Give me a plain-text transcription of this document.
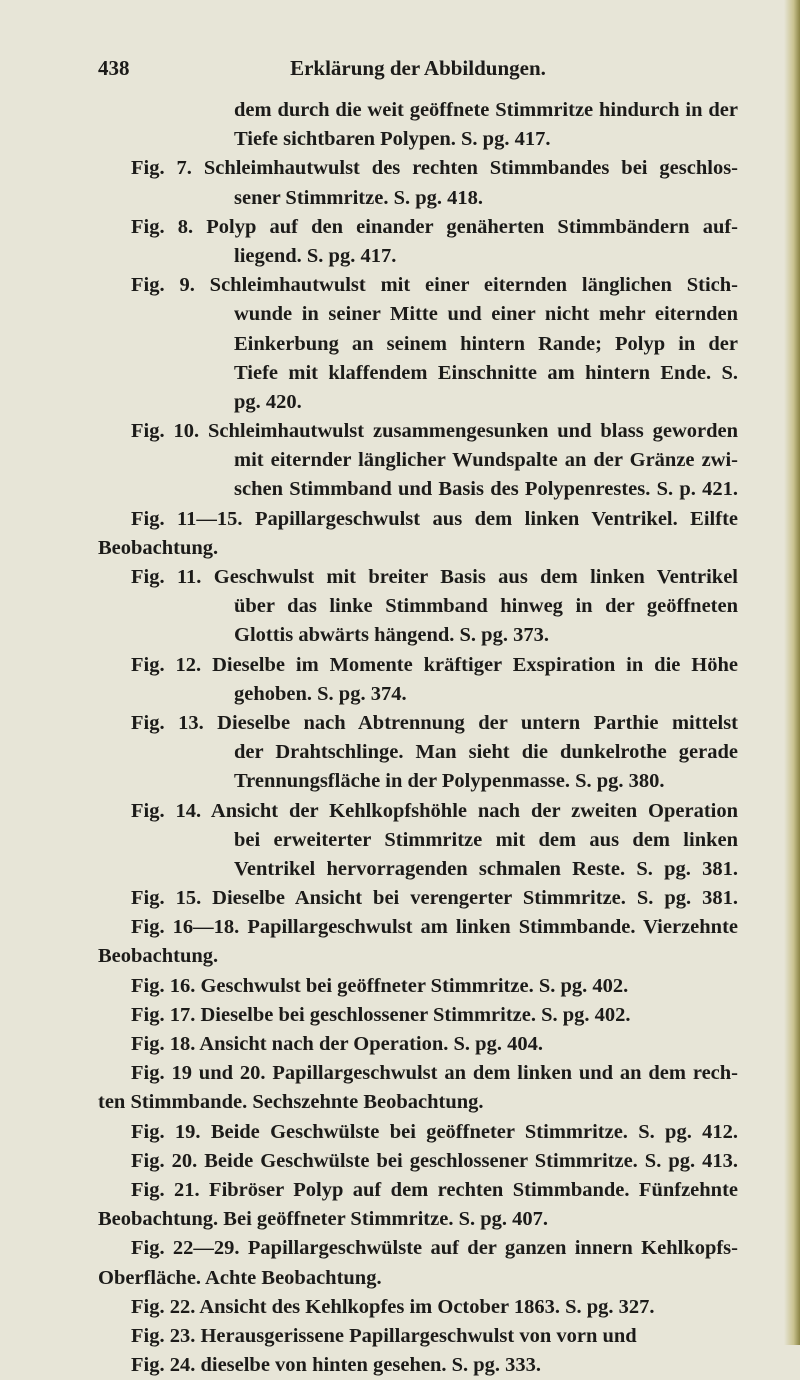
438	Erklärung der Abbildungen.
dem durch die weit geöffnete Stimmritze hindurch in der
Tiefe sichtbaren Polypen. S. pg. 417.
Fig. 7. Schleimhautwulst des rechten Stimmbandes bei geschlos-
sener Stimmritze. S. pg. 418.
Fig. 8. Polyp auf den einander genäherten Stimmbändern auf-
liegend. S. pg. 417.
Fig. 9. Schleimhautwulst mit einer eiternden länglichen Stich-
wunde in seiner Mitte und einer nicht mehr eiternden
Einkerbung an seinem hintern Rande; Polyp in der
Tiefe mit klaffendem Einschnitte am hintern Ende. S.
pg. 420.
Fig. 10. Schleimhautwulst zusammengesunken und blass geworden
mit eiternder länglicher Wundspalte an der Gränze zwi-
schen Stimmband und Basis des Polypenrestes. S. p. 421.
Fig. 11—15. Papillargeschwulst aus dem linken Ventrikel. Eilfte
Beobachtung.
Fig. 11. Geschwulst mit breiter Basis aus dem linken Ventrikel
über das linke Stimmband hinweg in der geöffneten
Glottis abwärts hängend. S. pg. 373.
Fig. 12. Dieselbe im Momente kräftiger Exspiration in die Höhe
gehoben. S. pg. 374.
Fig. 13. Dieselbe nach Abtrennung der untern Parthie mittelst
der Drahtschlinge. Man sieht die dunkelrothe gerade
Trennungsfläche in der Polypenmasse. S. pg. 380.
Fig. 14. Ansicht der Kehlkopfshöhle nach der zweiten Operation
bei erweiterter Stimmritze mit dem aus dem linken
Ventrikel hervorragenden schmalen Reste. S. pg. 381.
Fig. 15. Dieselbe Ansicht bei verengerter Stimmritze. S. pg. 381.
Fig. 16—18. Papillargeschwulst am linken Stimmbande. Vierzehnte
Beobachtung.
Fig. 16. Geschwulst bei geöffneter Stimmritze. S. pg. 402.
Fig. 17. Dieselbe bei geschlossener Stimmritze. S. pg. 402.
Fig. 18. Ansicht nach der Operation. S. pg. 404.
Fig. 19 und 20. Papillargeschwulst an dem linken und an dem rech-
ten Stimmbande. Sechszehnte Beobachtung.
Fig. 19. Beide Geschwülste bei geöffneter Stimmritze. S. pg. 412.
Fig. 20. Beide Geschwülste bei geschlossener Stimmritze. S. pg. 413.
Fig. 21. Fibröser Polyp auf dem rechten Stimmbande. Fünfzehnte
Beobachtung. Bei geöffneter Stimmritze. S. pg. 407.
Fig. 22—29. Papillargeschwülste auf der ganzen innern Kehlkopfs-
Oberfläche. Achte Beobachtung.
Fig. 22. Ansicht des Kehlkopfes im October 1863. S. pg. 327.
Fig. 23. Herausgerissene Papillargeschwulst von vorn und
Fig. 24. dieselbe von hinten gesehen. S. pg. 333.
